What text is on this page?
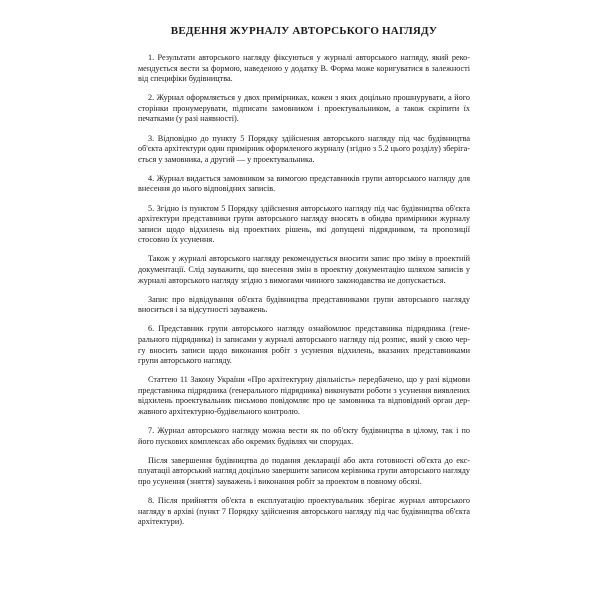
ВЕДЕННЯ ЖУРНАЛУ АВТОРСЬКОГО НАГЛЯДУ

1. Результати авторського нагляду фіксуються у журналі авторського нагляду, який рекомендується вести за формою, наведеною у додатку В. Форма може коригуватися в залежності від специфіки будівництва.

2. Журнал оформляється у двох примірниках, кожен з яких доцільно прошнурувати, а його сторінки пронумерувати, підписати замовником і проектувальником, а також скріпити їх печатками (у разі наявності).

3. Відповідно до пункту 5 Порядку здійснення авторського нагляду під час будівництва об'єкта архітектури один примірник оформленого журналу (згідно з 5.2 цього розділу) зберігається у замовника, а другий — у проектувальника.

4. Журнал видається замовником за вимогою представників групи авторського нагляду для внесення до нього відповідних записів.

5. Згідно із пунктом 5 Порядку здійснення авторського нагляду під час будівництва об'єкта архітектури представники групи авторського нагляду вносять в обидва примірники журналу записи щодо відхилень від проектних рішень, які допущені підрядником, та пропозиції стосовно їх усунення.

Також у журналі авторського нагляду рекомендується вносити запис про зміну в проектній документації. Слід зауважити, що внесення змін в проектну документацію шляхом записів у журналі авторського нагляду згідно з вимогами чинного законодавства не допускається.

Запис про відвідування об'єкта будівництва представниками групи авторського нагляду вноситься і за відсутності зауважень.

6. Представник групи авторського нагляду ознайомлює представника підрядника (генерального підрядника) із записами у журналі авторського нагляду під розпис, який у свою чергу вносить записи щодо виконання робіт з усунення відхилень, вказаних представниками групи авторського нагляду.

Статтею 11 Закону України «Про архітектурну діяльність» передбачено, що у разі відмови представника підрядника (генерального підрядника) виконувати роботи з усунення виявлених відхилень проектувальник письмово повідомляє про це замовника та відповідний орган державного архітектурно-будівельного контролю.

7. Журнал авторського нагляду можна вести як по об'єкту будівництва в цілому, так і по його пускових комплексах або окремих будівлях чи спорудах.

Після завершення будівництва до подання декларації або акта готовності об'єкта до експлуатації авторський нагляд доцільно завершити записом керівника групи авторського нагляду про усунення (зняття) зауважень і виконання робіт за проектом в повному обсязі.

8. Після прийняття об'єкта в експлуатацію проектувальник зберігає журнал авторського нагляду в архіві (пункт 7 Порядку здійснення авторського нагляду під час будівництва об'єкта архітектури).
